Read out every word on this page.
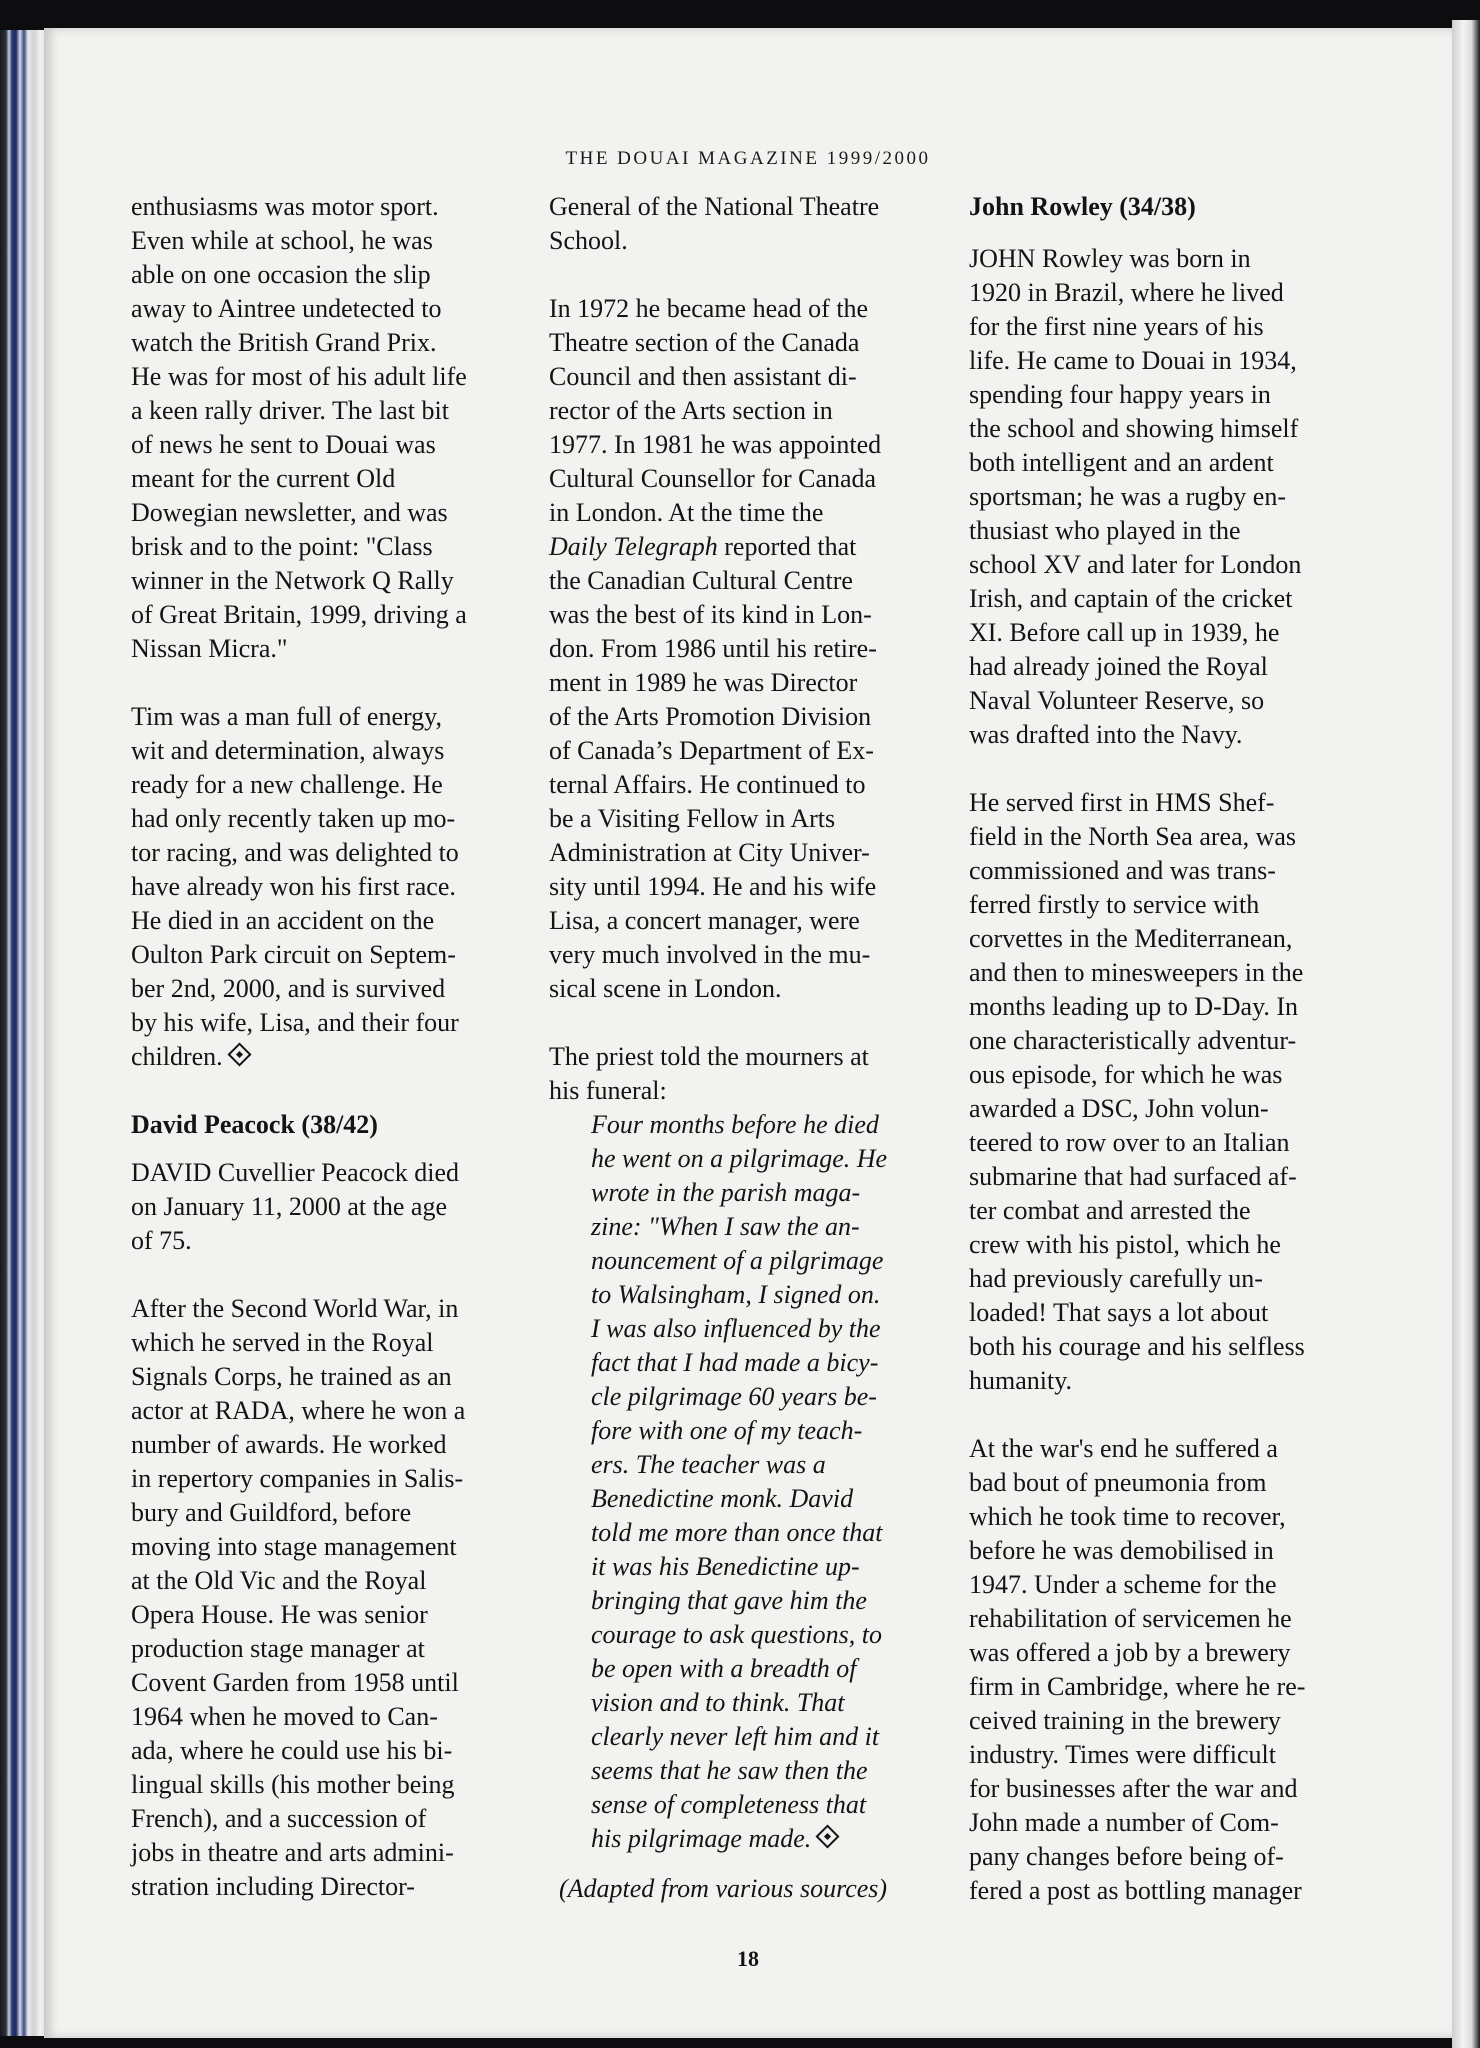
THE DOUAI MAGAZINE 1999/2000

enthusiasms was motor sport.
Even while at school, he was
able on one occasion the slip
away to Aintree undetected to
watch the British Grand Prix.
He was for most of his adult life
a keen rally driver. The last bit
of news he sent to Douai was
meant for the current Old
Dowegian newsletter, and was
brisk and to the point: "Class
winner in the Network Q Rally
of Great Britain, 1999, driving a
Nissan Micra."

Tim was a man full of energy,
wit and determination, always
ready for a new challenge. He
had only recently taken up mo-
tor racing, and was delighted to
have already won his first race.
He died in an accident on the
Oulton Park circuit on Septem-
ber 2nd, 2000, and is survived
by his wife, Lisa, and their four
children.

David Peacock (38/42)

DAVID Cuvellier Peacock died
on January 11, 2000 at the age
of 75.

After the Second World War, in
which he served in the Royal
Signals Corps, he trained as an
actor at RADA, where he won a
number of awards. He worked
in repertory companies in Salis-
bury and Guildford, before
moving into stage management
at the Old Vic and the Royal
Opera House. He was senior
production stage manager at
Covent Garden from 1958 until
1964 when he moved to Can-
ada, where he could use his bi-
lingual skills (his mother being
French), and a succession of
jobs in theatre and arts admini-
stration including Director-

General of the National Theatre
School.

In 1972 he became head of the
Theatre section of the Canada
Council and then assistant di-
rector of the Arts section in
1977. In 1981 he was appointed
Cultural Counsellor for Canada
in London. At the time the
Daily Telegraph reported that
the Canadian Cultural Centre
was the best of its kind in Lon-
don. From 1986 until his retire-
ment in 1989 he was Director
of the Arts Promotion Division
of Canada’s Department of Ex-
ternal Affairs. He continued to
be a Visiting Fellow in Arts
Administration at City Univer-
sity until 1994. He and his wife
Lisa, a concert manager, were
very much involved in the mu-
sical scene in London.

The priest told the mourners at
his funeral:

Four months before he died
he went on a pilgrimage. He
wrote in the parish maga-
zine: "When I saw the an-
nouncement of a pilgrimage
to Walsingham, I signed on.
I was also influenced by the
fact that I had made a bicy-
cle pilgrimage 60 years be-
fore with one of my teach-
ers. The teacher was a
Benedictine monk. David
told me more than once that
it was his Benedictine up-
bringing that gave him the
courage to ask questions, to
be open with a breadth of
vision and to think. That
clearly never left him and it
seems that he saw then the
sense of completeness that
his pilgrimage made.

(Adapted from various sources)

John Rowley (34/38)

JOHN Rowley was born in
1920 in Brazil, where he lived
for the first nine years of his
life. He came to Douai in 1934,
spending four happy years in
the school and showing himself
both intelligent and an ardent
sportsman; he was a rugby en-
thusiast who played in the
school XV and later for London
Irish, and captain of the cricket
XI. Before call up in 1939, he
had already joined the Royal
Naval Volunteer Reserve, so
was drafted into the Navy.

He served first in HMS Shef-
field in the North Sea area, was
commissioned and was trans-
ferred firstly to service with
corvettes in the Mediterranean,
and then to minesweepers in the
months leading up to D-Day. In
one characteristically adventur-
ous episode, for which he was
awarded a DSC, John volun-
teered to row over to an Italian
submarine that had surfaced af-
ter combat and arrested the
crew with his pistol, which he
had previously carefully un-
loaded! That says a lot about
both his courage and his selfless
humanity.

At the war's end he suffered a
bad bout of pneumonia from
which he took time to recover,
before he was demobilised in
1947. Under a scheme for the
rehabilitation of servicemen he
was offered a job by a brewery
firm in Cambridge, where he re-
ceived training in the brewery
industry. Times were difficult
for businesses after the war and
John made a number of Com-
pany changes before being of-
fered a post as bottling manager

18
